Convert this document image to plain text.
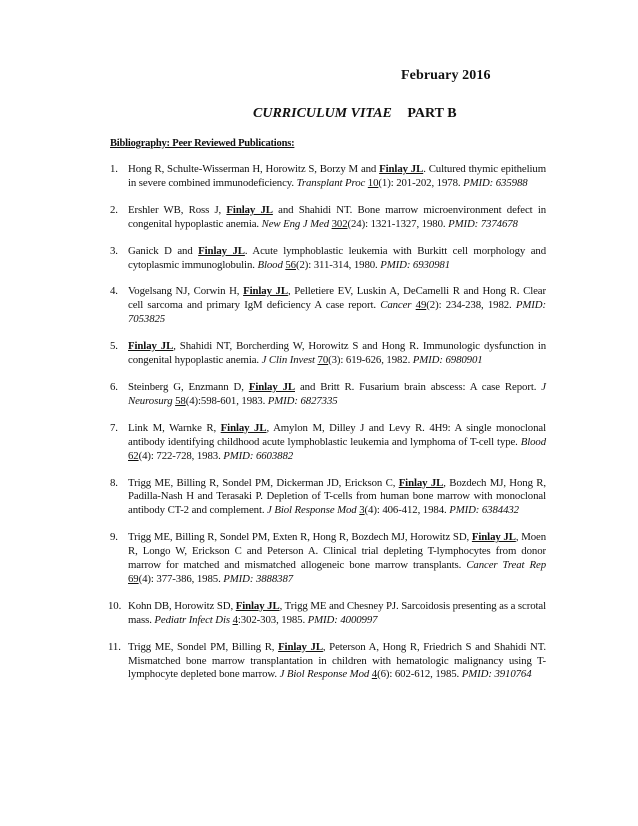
February 2016
CURRICULUM VITAE PART B
Bibliography: Peer Reviewed Publications:
1. Hong R, Schulte-Wisserman H, Horowitz S, Borzy M and Finlay JL. Cultured thymic epithelium in severe combined immunodeficiency. Transplant Proc 10(1): 201-202, 1978. PMID: 635988
2. Ershler WB, Ross J, Finlay JL and Shahidi NT. Bone marrow microenvironment defect in congenital hypoplastic anemia. New Eng J Med 302(24): 1321-1327, 1980. PMID: 7374678
3. Ganick D and Finlay JL. Acute lymphoblastic leukemia with Burkitt cell morphology and cytoplasmic immunoglobulin. Blood 56(2): 311-314, 1980. PMID: 6930981
4. Vogelsang NJ, Corwin H, Finlay JL, Pelletiere EV, Luskin A, DeCamelli R and Hong R. Clear cell sarcoma and primary IgM deficiency A case report. Cancer 49(2): 234-238, 1982. PMID: 7053825
5. Finlay JL, Shahidi NT, Borcherding W, Horowitz S and Hong R. Immunologic dysfunction in congenital hypoplastic anemia. J Clin Invest 70(3): 619-626, 1982. PMID: 6980901
6. Steinberg G, Enzmann D, Finlay JL and Britt R. Fusarium brain abscess: A case Report. J Neurosurg 58(4):598-601, 1983. PMID: 6827335
7. Link M, Warnke R, Finlay JL, Amylon M, Dilley J and Levy R. 4H9: A single monoclonal antibody identifying childhood acute lymphoblastic leukemia and lymphoma of T-cell type. Blood 62(4): 722-728, 1983. PMID: 6603882
8. Trigg ME, Billing R, Sondel PM, Dickerman JD, Erickson C, Finlay JL, Bozdech MJ, Hong R, Padilla-Nash H and Terasaki P. Depletion of T-cells from human bone marrow with monoclonal antibody CT-2 and complement. J Biol Response Mod 3(4): 406-412, 1984. PMID: 6384432
9. Trigg ME, Billing R, Sondel PM, Exten R, Hong R, Bozdech MJ, Horowitz SD, Finlay JL, Moen R, Longo W, Erickson C and Peterson A. Clinical trial depleting T-lymphocytes from donor marrow for matched and mismatched allogeneic bone marrow transplants. Cancer Treat Rep 69(4): 377-386, 1985. PMID: 3888387
10. Kohn DB, Horowitz SD, Finlay JL, Trigg ME and Chesney PJ. Sarcoidosis presenting as a scrotal mass. Pediatr Infect Dis 4:302-303, 1985. PMID: 4000997
11. Trigg ME, Sondel PM, Billing R, Finlay JL, Peterson A, Hong R, Friedrich S and Shahidi NT. Mismatched bone marrow transplantation in children with hematologic malignancy using T-lymphocyte depleted bone marrow. J Biol Response Mod 4(6): 602-612, 1985. PMID: 3910764
